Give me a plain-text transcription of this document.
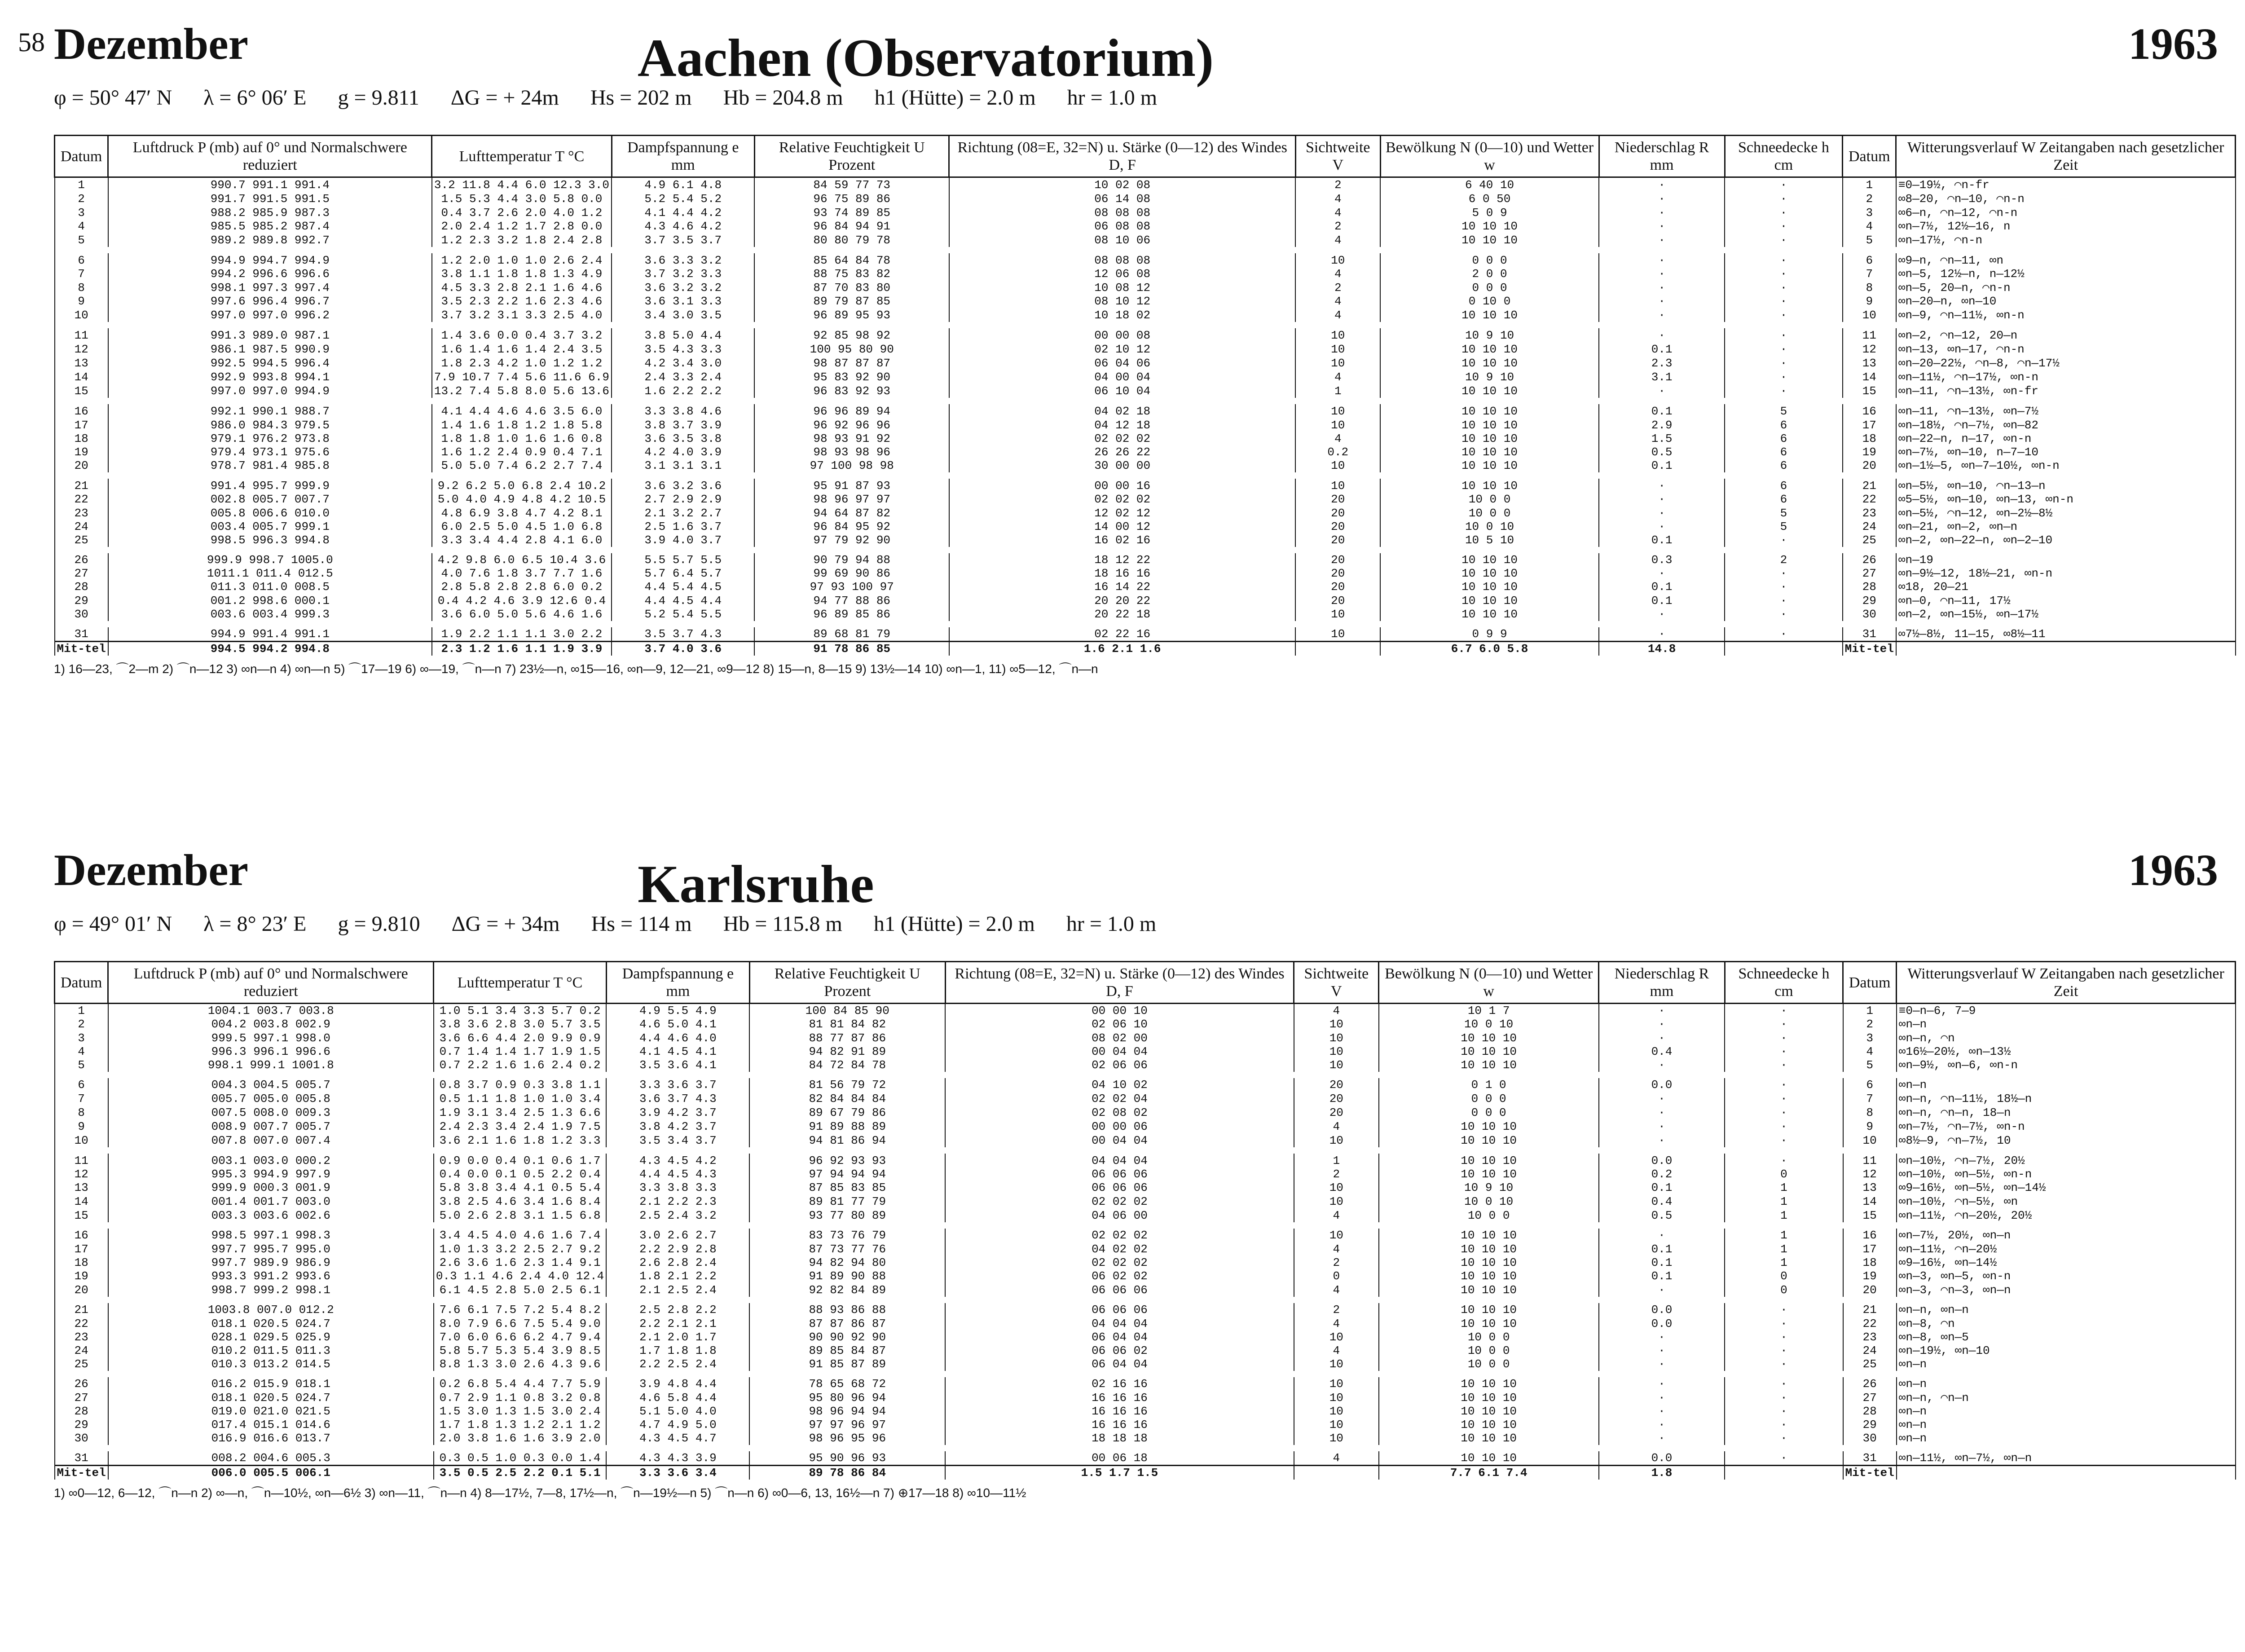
58 Dezember	Aachen (Observatorium)	1963
φ = 50° 47′ N λ = 6° 06′ E g = 9.811 ΔG = + 24m Hs = 202 m Hb = 204.8 m h1 (Hütte) = 2.0 m hr = 1.0 m
Datum	Luftdruck P (mb) auf 0° und Normalschwere reduziert	Lufttemperatur T °C	Dampfspannung e mm	Relative Feuchtigkeit U Prozent	Richtung (08=E, 32=N) u. Stärke (0—12) des Windes D, F	Sichtweite V	Bewölkung N (0—10) und Wetter w	Niederschlag R mm	Schneedecke h cm	Datum	Witterungsverlauf W Zeitangaben nach gesetzlicher Zeit
1	990.7 991.1 991.4	3.2 11.8 4.4 6.0 12.3 3.0	4.9 6.1 4.8	84 59 77 73	10 02 08	2	6 40 10	·	·	1	≡0—19½, ⌒n-fr
2	991.7 991.5 991.5	1.5 5.3 4.4 3.0 5.8 0.0	5.2 5.4 5.2	96 75 89 86	06 14 08	4	6 0 50	·	·	2	∞8—20, ⌒n—10, ⌒n-n
3	988.2 985.9 987.3	0.4 3.7 2.6 2.0 4.0 1.2	4.1 4.4 4.2	93 74 89 85	08 08 08	4	5 0 9	·	·	3	∞6—n, ⌒n—12, ⌒n-n
4	985.5 985.2 987.4	2.0 2.4 1.2 1.7 2.8 0.0	4.3 4.6 4.2	96 84 94 91	06 08 08	2	10 10 10	·	·	4	∞n—7½, 12½—16, n
5	989.2 989.8 992.7	1.2 2.3 3.2 1.8 2.4 2.8	3.7 3.5 3.7	80 80 79 78	08 10 06	4	10 10 10	·	·	5	∞n—17½, ⌒n-n

6	994.9 994.7 994.9	1.2 2.0 1.0 1.0 2.6 2.4	3.6 3.3 3.2	85 64 84 78	08 08 08	10	0 0 0	·	·	6	∞9—n, ⌒n—11, ∞n
7	994.2 996.6 996.6	3.8 1.1 1.8 1.8 1.3 4.9	3.7 3.2 3.3	88 75 83 82	12 06 08	4	2 0 0	·	·	7	∞n—5, 12½—n, n—12½
8	998.1 997.3 997.4	4.5 3.3 2.8 2.1 1.6 4.6	3.6 3.2 3.2	87 70 83 80	10 08 12	2	0 0 0	·	·	8	∞n—5, 20—n, ⌒n-n
9	997.6 996.4 996.7	3.5 2.3 2.2 1.6 2.3 4.6	3.6 3.1 3.3	89 79 87 85	08 10 12	4	0 10 0	·	·	9	∞n—20—n, ∞n—10
10	997.0 997.0 996.2	3.7 3.2 3.1 3.3 2.5 4.0	3.4 3.0 3.5	96 89 95 93	10 18 02	4	10 10 10	·	·	10	∞n—9, ⌒n—11½, ∞n-n

11	991.3 989.0 987.1	1.4 3.6 0.0 0.4 3.7 3.2	3.8 5.0 4.4	92 85 98 92	00 00 08	10	10 9 10	·	·	11	∞n—2, ⌒n—12, 20—n
12	986.1 987.5 990.9	1.6 1.4 1.6 1.4 2.4 3.5	3.5 4.3 3.3	100 95 80 90	02 10 12	10	10 10 10	0.1	·	12	∞n—13, ∞n—17, ⌒n-n
13	992.5 994.5 996.4	1.8 2.3 4.2 1.0 1.2 1.2	4.2 3.4 3.0	98 87 87 87	06 04 06	10	10 10 10	2.3	·	13	∞n—20—22½, ⌒n—8, ⌒n—17½
14	992.9 993.8 994.1	7.9 10.7 7.4 5.6 11.6 6.9	2.4 3.3 2.4	95 83 92 90	04 00 04	4	10 9 10	3.1	·	14	∞n—11½, ⌒n—17½, ∞n-n
15	997.0 997.0 994.9	13.2 7.4 5.8 8.0 5.6 13.6	1.6 2.2 2.2	96 83 92 93	06 10 04	1	10 10 10	·	·	15	∞n—11, ⌒n—13½, ∞n-fr

16	992.1 990.1 988.7	4.1 4.4 4.6 4.6 3.5 6.0	3.3 3.8 4.6	96 96 89 94	04 02 18	10	10 10 10	0.1	5	16	∞n—11, ⌒n—13½, ∞n—7½
17	986.0 984.3 979.5	1.4 1.6 1.8 1.2 1.8 5.8	3.8 3.7 3.9	96 92 96 96	04 12 18	10	10 10 10	2.9	6	17	∞n—18½, ⌒n—7½, ∞n—82
18	979.1 976.2 973.8	1.8 1.8 1.0 1.6 1.6 0.8	3.6 3.5 3.8	98 93 91 92	02 02 02	4	10 10 10	1.5	6	18	∞n—22—n, n—17, ∞n-n
19	979.4 973.1 975.6	1.6 1.2 2.4 0.9 0.4 7.1	4.2 4.0 3.9	98 93 98 96	26 26 22	0.2	10 10 10	0.5	6	19	∞n—7½, ∞n—10, n—7—10
20	978.7 981.4 985.8	5.0 5.0 7.4 6.2 2.7 7.4	3.1 3.1 3.1	97 100 98 98	30 00 00	10	10 10 10	0.1	6	20	∞n—1½—5, ∞n—7—10½, ∞n-n

21	991.4 995.7 999.9	9.2 6.2 5.0 6.8 2.4 10.2	3.6 3.2 3.6	95 91 87 93	00 00 16	10	10 10 10	·	6	21	∞n—5½, ∞n—10, ⌒n—13—n
22	002.8 005.7 007.7	5.0 4.0 4.9 4.8 4.2 10.5	2.7 2.9 2.9	98 96 97 97	02 02 02	20	10 0 0	·	6	22	∞5—5½, ∞n—10, ∞n—13, ∞n-n
23	005.8 006.6 010.0	4.8 6.9 3.8 4.7 4.2 8.1	2.1 3.2 2.7	94 64 87 82	12 02 12	20	10 0 0	·	5	23	∞n—5½, ⌒n—12, ∞n—2½—8½
24	003.4 005.7 999.1	6.0 2.5 5.0 4.5 1.0 6.8	2.5 1.6 3.7	96 84 95 92	14 00 12	20	10 0 10	·	5	24	∞n—21, ∞n—2, ∞n—n
25	998.5 996.3 994.8	3.3 3.4 4.4 2.8 4.1 6.0	3.9 4.0 3.7	97 79 92 90	16 02 16	20	10 5 10	0.1	·	25	∞n—2, ∞n—22—n, ∞n—2—10

26	999.9 998.7 1005.0	4.2 9.8 6.0 6.5 10.4 3.6	5.5 5.7 5.5	90 79 94 88	18 12 22	20	10 10 10	0.3	2	26	∞n—19
27	1011.1 011.4 012.5	4.0 7.6 1.8 3.7 7.7 1.6	5.7 6.4 5.7	99 69 90 86	18 16 16	20	10 10 10	·	·	27	∞n—9½—12, 18½—21, ∞n-n
28	011.3 011.0 008.5	2.8 5.8 2.8 2.8 6.0 0.2	4.4 5.4 4.5	97 93 100 97	16 14 22	20	10 10 10	0.1	·	28	∞18, 20—21
29	001.2 998.6 000.1	0.4 4.2 4.6 3.9 12.6 0.4	4.4 4.5 4.4	94 77 88 86	20 20 22	20	10 10 10	0.1	·	29	∞n—0, ⌒n—11, 17½
30	003.6 003.4 999.3	3.6 6.0 5.0 5.6 4.6 1.6	5.2 5.4 5.5	96 89 85 86	20 22 18	10	10 10 10	·	·	30	∞n—2, ∞n—15½, ∞n—17½

31	994.9 991.4 991.1	1.9 2.2 1.1 1.1 3.0 2.2	3.5 3.7 4.3	89 68 81 79	02 22 16	10	0 9 9	·	·	31	∞7½—8½, 11—15, ∞8½—11
Mit-tel	994.5 994.2 994.8	2.3 1.2 1.6 1.1 1.9 3.9	3.7 4.0 3.6	91 78 86 85	1.6 2.1 1.6		6.7 6.0 5.8	14.8		Mit-tel	
1) 16—23, ⌒2—m 2) ⌒n—12 3) ∞n—n 4) ∞n—n 5) ⌒17—19 6) ∞—19, ⌒n—n 7) 23½—n, ∞15—16, ∞n—9, 12—21, ∞9—12 8) 15—n, 8—15 9) 13½—14 10) ∞n—1, 11) ∞5—12, ⌒n—n
Dezember	Karlsruhe	1963
φ = 49° 01′ N λ = 8° 23′ E g = 9.810 ΔG = + 34m Hs = 114 m Hb = 115.8 m h1 (Hütte) = 2.0 m hr = 1.0 m
Datum	Luftdruck P (mb) auf 0° und Normalschwere reduziert	Lufttemperatur T °C	Dampfspannung e mm	Relative Feuchtigkeit U Prozent	Richtung (08=E, 32=N) u. Stärke (0—12) des Windes D, F	Sichtweite V	Bewölkung N (0—10) und Wetter w	Niederschlag R mm	Schneedecke h cm	Datum	Witterungsverlauf W Zeitangaben nach gesetzlicher Zeit
1	1004.1 003.7 003.8	1.0 5.1 3.4 3.3 5.7 0.2	4.9 5.5 4.9	100 84 85 90	00 00 10	4	10 1 7	·	·	1	≡0—n—6, 7—9
2	004.2 003.8 002.9	3.8 3.6 2.8 3.0 5.7 3.5	4.6 5.0 4.1	81 81 84 82	02 06 10	10	10 0 10	·	·	2	∞n—n
3	999.5 997.1 998.0	3.6 6.6 4.4 2.0 9.9 0.9	4.4 4.6 4.0	88 77 87 86	08 02 00	10	10 10 10	·	·	3	∞n—n, ⌒n
4	996.3 996.1 996.6	0.7 1.4 1.4 1.7 1.9 1.5	4.1 4.5 4.1	94 82 91 89	00 04 04	10	10 10 10	0.4	·	4	∞16½—20½, ∞n—13½
5	998.1 999.1 1001.8	0.7 2.2 1.6 1.6 2.4 0.2	3.5 3.6 4.1	84 72 84 78	02 06 06	10	10 10 10	·	·	5	∞n—9½, ∞n—6, ∞n-n

6	004.3 004.5 005.7	0.8 3.7 0.9 0.3 3.8 1.1	3.3 3.6 3.7	81 56 79 72	04 10 02	20	0 1 0	0.0	·	6	∞n—n
7	005.7 005.0 005.8	0.5 1.1 1.8 1.0 1.0 3.4	3.6 3.7 4.3	82 84 84 84	02 02 04	20	0 0 0	·	·	7	∞n—n, ⌒n—11½, 18½—n
8	007.5 008.0 009.3	1.9 3.1 3.4 2.5 1.3 6.6	3.9 4.2 3.7	89 67 79 86	02 08 02	20	0 0 0	·	·	8	∞n—n, ⌒n—n, 18—n
9	008.9 007.7 005.7	2.4 2.3 3.4 2.4 1.9 7.5	3.8 4.2 3.7	91 89 88 89	00 00 06	4	10 10 10	·	·	9	∞n—7½, ⌒n—7½, ∞n-n
10	007.8 007.0 007.4	3.6 2.1 1.6 1.8 1.2 3.3	3.5 3.4 3.7	94 81 86 94	00 04 04	10	10 10 10	·	·	10	∞8½—9, ⌒n—7½, 10

11	003.1 003.0 000.2	0.9 0.0 0.4 0.1 0.6 1.7	4.3 4.5 4.2	96 92 93 93	04 04 04	1	10 10 10	0.0	·	11	∞n—10½, ⌒n—7½, 20½
12	995.3 994.9 997.9	0.4 0.0 0.1 0.5 2.2 0.4	4.4 4.5 4.3	97 94 94 94	06 06 06	2	10 10 10	0.2	0	12	∞n—10½, ∞n—5½, ∞n-n
13	999.9 000.3 001.9	5.8 3.8 3.4 4.1 0.5 5.4	3.3 3.8 3.3	87 85 83 85	06 06 06	10	10 9 10	0.1	1	13	∞9—16½, ∞n—5½, ∞n—14½
14	001.4 001.7 003.0	3.8 2.5 4.6 3.4 1.6 8.4	2.1 2.2 2.3	89 81 77 79	02 02 02	10	10 0 10	0.4	1	14	∞n—10½, ⌒n—5½, ∞n
15	003.3 003.6 002.6	5.0 2.6 2.8 3.1 1.5 6.8	2.5 2.4 3.2	93 77 80 89	04 06 00	4	10 0 0	0.5	1	15	∞n—11½, ⌒n—20½, 20½

16	998.5 997.1 998.3	3.4 4.5 4.0 4.6 1.6 7.4	3.0 2.6 2.7	83 73 76 79	02 02 02	10	10 10 10	·	1	16	∞n—7½, 20½, ∞n—n
17	997.7 995.7 995.0	1.0 1.3 3.2 2.5 2.7 9.2	2.2 2.9 2.8	87 73 77 76	04 02 02	4	10 10 10	0.1	1	17	∞n—11½, ⌒n—20½
18	997.7 989.9 986.9	2.6 3.6 1.6 2.3 1.4 9.1	2.6 2.8 2.4	94 82 94 80	02 02 02	2	10 10 10	0.1	1	18	∞9—16½, ∞n—14½
19	993.3 991.2 993.6	0.3 1.1 4.6 2.4 4.0 12.4	1.8 2.1 2.2	91 89 90 88	06 02 02	0	10 10 10	0.1	0	19	∞n—3, ∞n—5, ∞n-n
20	998.7 999.2 998.1	6.1 4.5 2.8 5.0 2.5 6.1	2.1 2.5 2.4	92 82 84 89	06 06 06	4	10 10 10	·	0	20	∞n—3, ⌒n—3, ∞n—n

21	1003.8 007.0 012.2	7.6 6.1 7.5 7.2 5.4 8.2	2.5 2.8 2.2	88 93 86 88	06 06 06	2	10 10 10	0.0	·	21	∞n—n, ∞n—n
22	018.1 020.5 024.7	8.0 7.9 6.6 7.5 5.4 9.0	2.2 2.1 2.1	87 87 86 87	04 04 04	4	10 10 10	0.0	·	22	∞n—8, ⌒n
23	028.1 029.5 025.9	7.0 6.0 6.6 6.2 4.7 9.4	2.1 2.0 1.7	90 90 92 90	06 04 04	10	10 0 0	·	·	23	∞n—8, ∞n—5
24	010.2 011.5 011.3	5.8 5.7 5.3 5.4 3.9 8.5	1.7 1.8 1.8	89 85 84 87	06 06 02	4	10 0 0	·	·	24	∞n—19½, ∞n—10
25	010.3 013.2 014.5	8.8 1.3 3.0 2.6 4.3 9.6	2.2 2.5 2.4	91 85 87 89	06 04 04	10	10 0 0	·	·	25	∞n—n

26	016.2 015.9 018.1	0.2 6.8 5.4 4.4 7.7 5.9	3.9 4.8 4.4	78 65 68 72	02 16 16	10	10 10 10	·	·	26	∞n—n
27	018.1 020.5 024.7	0.7 2.9 1.1 0.8 3.2 0.8	4.6 5.8 4.4	95 80 96 94	16 16 16	10	10 10 10	·	·	27	∞n—n, ⌒n—n
28	019.0 021.0 021.5	1.5 3.0 1.3 1.5 3.0 2.4	5.1 5.0 4.0	98 96 94 94	16 16 16	10	10 10 10	·	·	28	∞n—n
29	017.4 015.1 014.6	1.7 1.8 1.3 1.2 2.1 1.2	4.7 4.9 5.0	97 97 96 97	16 16 16	10	10 10 10	·	·	29	∞n—n
30	016.9 016.6 013.7	2.0 3.8 1.6 1.6 3.9 2.0	4.3 4.5 4.7	98 96 95 96	18 18 18	10	10 10 10	·	·	30	∞n—n

31	008.2 004.6 005.3	0.3 0.5 1.0 0.3 0.0 1.4	4.3 4.3 3.9	95 90 96 93	00 06 18	4	10 10 10	0.0	·	31	∞n—11½, ∞n—7½, ∞n—n
Mit-tel	006.0 005.5 006.1	3.5 0.5 2.5 2.2 0.1 5.1	3.3 3.6 3.4	89 78 86 84	1.5 1.7 1.5		7.7 6.1 7.4	1.8		Mit-tel	
1) ∞0—12, 6—12, ⌒n—n 2) ∞—n, ⌒n—10½, ∞n—6½ 3) ∞n—11, ⌒n—n 4) 8—17½, 7—8, 17½—n, ⌒n—19½—n 5) ⌒n—n 6) ∞0—6, 13, 16½—n 7) ⊕17—18 8) ∞10—11½
